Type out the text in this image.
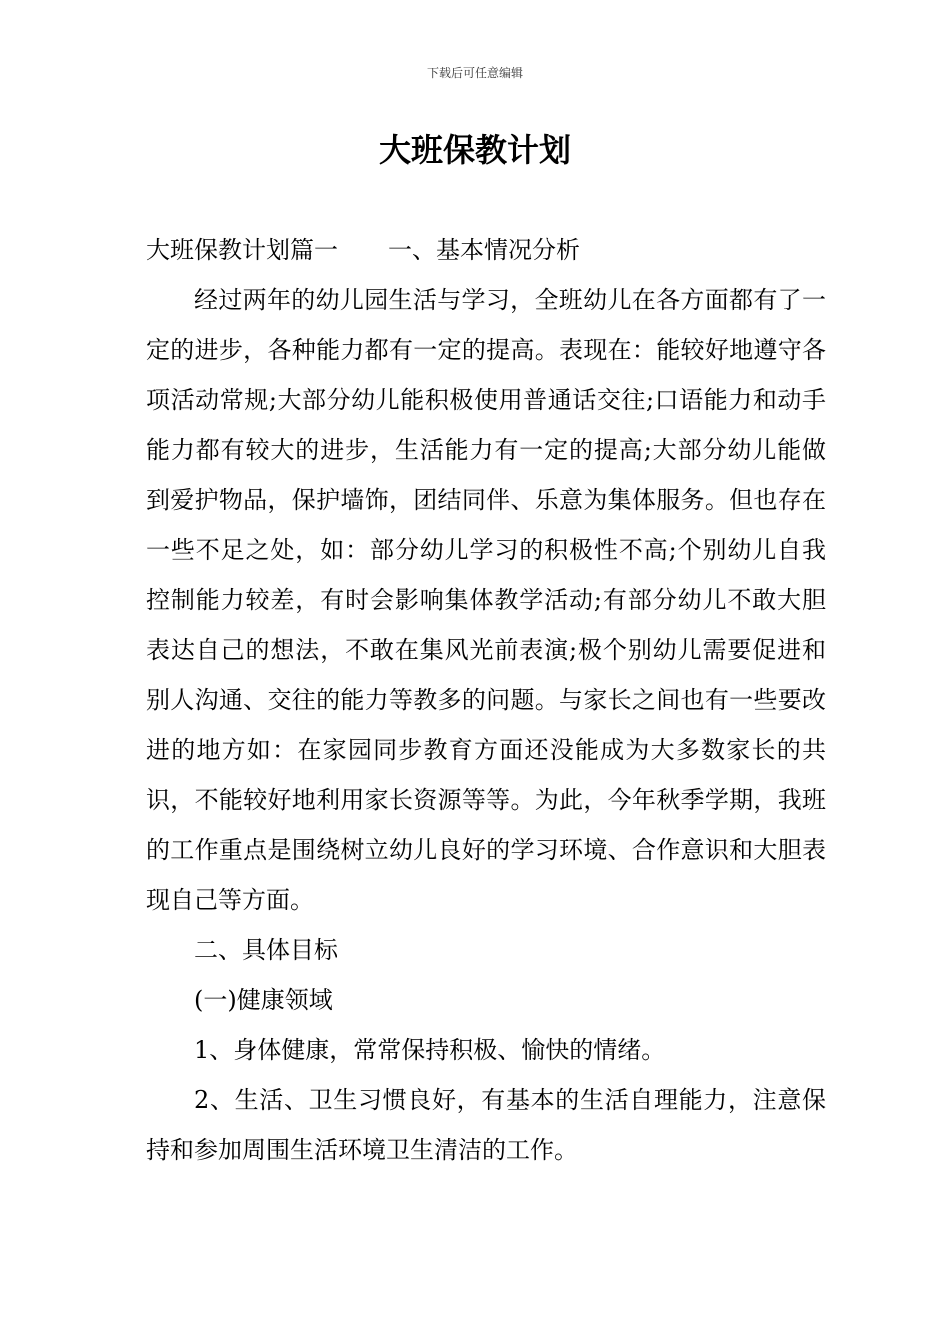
下载后可任意编辑
大班保教计划

大班保教计划篇一 一、基本情况分析

经过两年的幼儿园生活与学习，全班幼儿在各方面都有了一定的进步，各种能力都有一定的提高。表现在：能较好地遵守各项活动常规;大部分幼儿能积极使用普通话交往;口语能力和动手能力都有较大的进步，生活能力有一定的提高;大部分幼儿能做到爱护物品，保护墙饰，团结同伴、乐意为集体服务。但也存在一些不足之处，如：部分幼儿学习的积极性不高;个别幼儿自我控制能力较差，有时会影响集体教学活动;有部分幼儿不敢大胆表达自己的想法，不敢在集风光前表演;极个别幼儿需要促进和别人沟通、交往的能力等教多的问题。与家长之间也有一些要改进的地方如：在家园同步教育方面还没能成为大多数家长的共识，不能较好地利用家长资源等等。为此，今年秋季学期，我班的工作重点是围绕树立幼儿良好的学习环境、合作意识和大胆表现自己等方面。

二、具体目标

(一)健康领域

1、身体健康，常常保持积极、愉快的情绪。

2、生活、卫生习惯良好，有基本的生活自理能力，注意保持和参加周围生活环境卫生清洁的工作。
